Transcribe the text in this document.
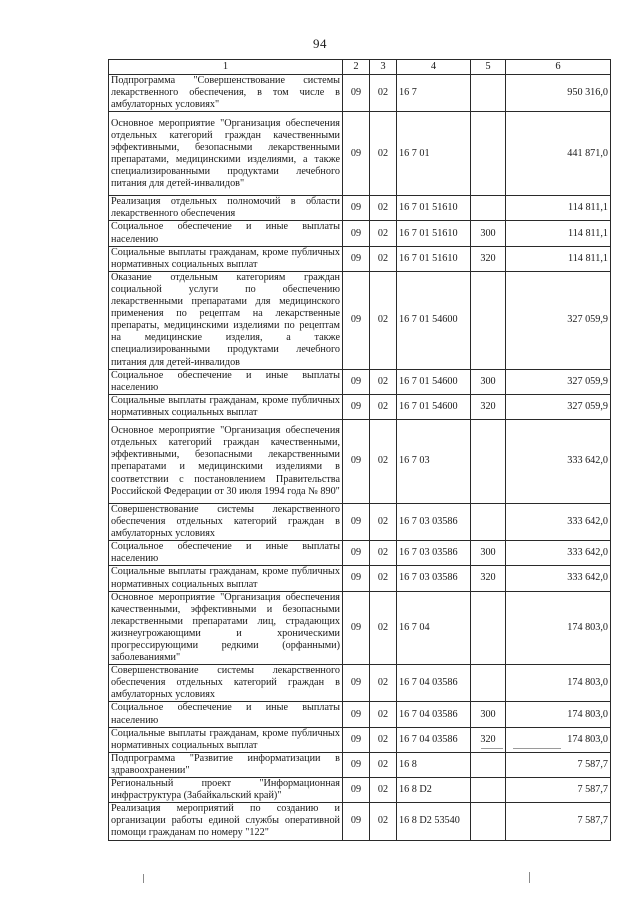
94
1	2	3	4	5	6
Подпрограмма "Совершенствование системы лекарственного обеспечения, в том числе в амбулаторных условиях"	09	02	16 7		950 316,0
Основное мероприятие "Организация обеспечения отдельных категорий граждан качественными эффективными, безопасными лекарственными препаратами, медицинскими изделиями, а также специализированными продуктами лечебного питания для детей-инвалидов"	09	02	16 7 01		441 871,0
Реализация отдельных полномочий в области лекарственного обеспечения	09	02	16 7 01 51610		114 811,1
Социальное обеспечение и иные выплаты населению	09	02	16 7 01 51610	300	114 811,1
Социальные выплаты гражданам, кроме публичных нормативных социальных выплат	09	02	16 7 01 51610	320	114 811,1
Оказание отдельным категориям граждан социальной услуги по обеспечению лекарственными препаратами для медицинского применения по рецептам на лекарственные препараты, медицинскими изделиями по рецептам на медицинские изделия, а также специализированными продуктами лечебного питания для детей-инвалидов	09	02	16 7 01 54600		327 059,9
Социальное обеспечение и иные выплаты населению	09	02	16 7 01 54600	300	327 059,9
Социальные выплаты гражданам, кроме публичных нормативных социальных выплат	09	02	16 7 01 54600	320	327 059,9
Основное мероприятие "Организация обеспечения отдельных категорий граждан качественными, эффективными, безопасными лекарственными препаратами и медицинскими изделиями в соответствии с постановлением Правительства Российской Федерации от 30 июля 1994 года № 890"	09	02	16 7 03		333 642,0
Совершенствование системы лекарственного обеспечения отдельных категорий граждан в амбулаторных условиях	09	02	16 7 03 03586		333 642,0
Социальное обеспечение и иные выплаты населению	09	02	16 7 03 03586	300	333 642,0
Социальные выплаты гражданам, кроме публичных нормативных социальных выплат	09	02	16 7 03 03586	320	333 642,0
Основное мероприятие "Организация обеспечения качественными, эффективными и безопасными лекарственными препаратами лиц, страдающих жизнеугрожающими и хроническими прогрессирующими редкими (орфанными) заболеваниями"	09	02	16 7 04		174 803,0
Совершенствование системы лекарственного обеспечения отдельных категорий граждан в амбулаторных условиях	09	02	16 7 04 03586		174 803,0
Социальное обеспечение и иные выплаты населению	09	02	16 7 04 03586	300	174 803,0
Социальные выплаты гражданам, кроме публичных нормативных социальных выплат	09	02	16 7 04 03586	320	174 803,0
Подпрограмма "Развитие информатизации в здравоохранении"	09	02	16 8		7 587,7
Региональный проект "Информационная инфраструктура (Забайкальский край)"	09	02	16 8 D2		7 587,7
Реализация мероприятий по созданию и организации работы единой службы оперативной помощи гражданам по номеру "122"	09	02	16 8 D2 53540		7 587,7
